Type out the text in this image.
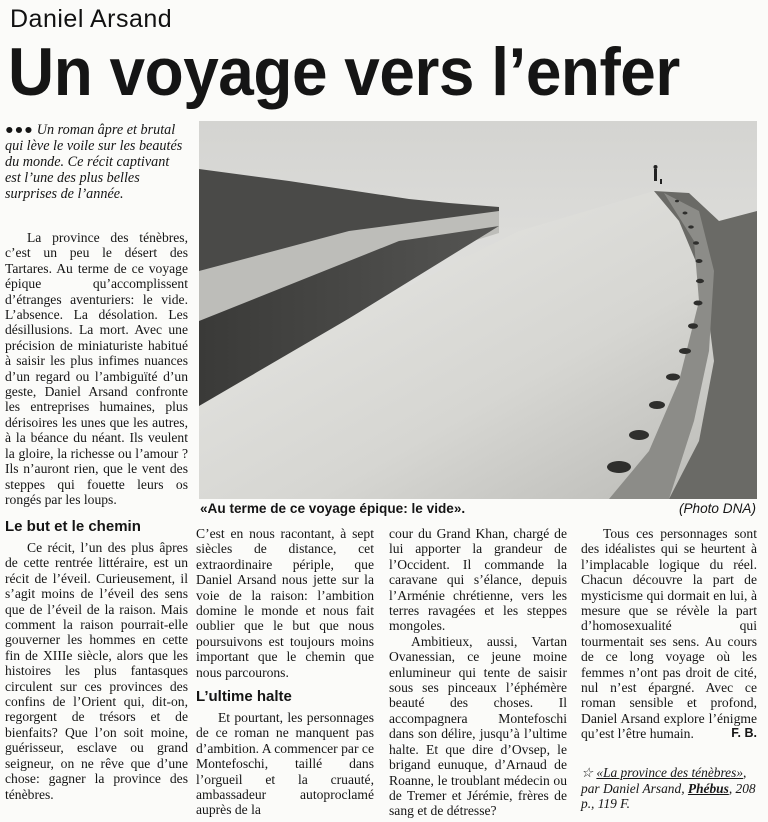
Daniel Arsand
Un voyage vers l’enfer
●●● Un roman âpre et brutal qui lève le voile sur les beautés du monde. Ce récit captivant est l’une des plus belles surprises de l’année.

La province des ténèbres, c’est un peu le désert des Tartares. Au terme de ce voyage épique qu’accomplissent d’étranges aventuriers: le vide. L’absence. La désolation. Les désillusions. La mort. Avec une précision de miniaturiste habitué à saisir les plus infimes nuances d’un regard ou l’ambiguïté d’un geste, Daniel Arsand confronte les entreprises humaines, plus dérisoires les unes que les autres, à la béance du néant. Ils veulent la gloire, la richesse ou l’amour ? Ils n’auront rien, que le vent des steppes qui fouette leurs os rongés par les loups.

Le but et le chemin

Ce récit, l’un des plus âpres de cette rentrée littéraire, est un récit de l’éveil. Curieusement, il s’agit moins de l’éveil des sens que de l’éveil de la raison. Mais comment la raison pourrait-elle gouverner les hommes en cette fin de XIIIe siècle, alors que les histoires les plus fantasques circulent sur ces provinces des confins de l’Orient qui, dit-on, regorgent de trésors et de bienfaits? Que l’on soit moine, guérisseur, esclave ou grand seigneur, on ne rêve que d’une chose: gagner la province des ténèbres.

«Au terme de ce voyage épique: le vide».	(Photo DNA)

C’est en nous racontant, à sept siècles de distance, cet extraordinaire périple, que Daniel Arsand nous jette sur la voie de la raison: l’ambition domine le monde et nous fait oublier que le but que nous poursuivons est toujours moins important que le chemin que nous parcourons.

L’ultime halte

Et pourtant, les personnages de ce roman ne manquent pas d’ambition. A commencer par ce Montefoschi, taillé dans l’orgueil et la cruauté, ambassadeur autoproclamé auprès de la

cour du Grand Khan, chargé de lui apporter la grandeur de l’Occident. Il commande la caravane qui s’élance, depuis l’Arménie chrétienne, vers les terres ravagées et les steppes mongoles.

Ambitieux, aussi, Vartan Ovanessian, ce jeune moine enlumineur qui tente de saisir sous ses pinceaux l’éphémère beauté des choses. Il accompagnera Montefoschi dans son délire, jusqu’à l’ultime halte. Et que dire d’Ovsep, le brigand eunuque, d’Arnaud de Roanne, le troublant médecin ou de Tremer et Jérémie, frères de sang et de détresse?

Tous ces personnages sont des idéalistes qui se heurtent à l’implacable logique du réel. Chacun découvre la part de mysticisme qui dormait en lui, à mesure que se révèle la part d’homosexualité qui tourmentait ses sens. Au cours de ce long voyage où les femmes n’ont pas droit de cité, nul n’est épargné. Avec ce roman sensible et profond, Daniel Arsand explore l’énigme qu’est l’être humain.	F. B.

☆ «La province des ténèbres», par Daniel Arsand, Phébus, 208 p., 119 F.
